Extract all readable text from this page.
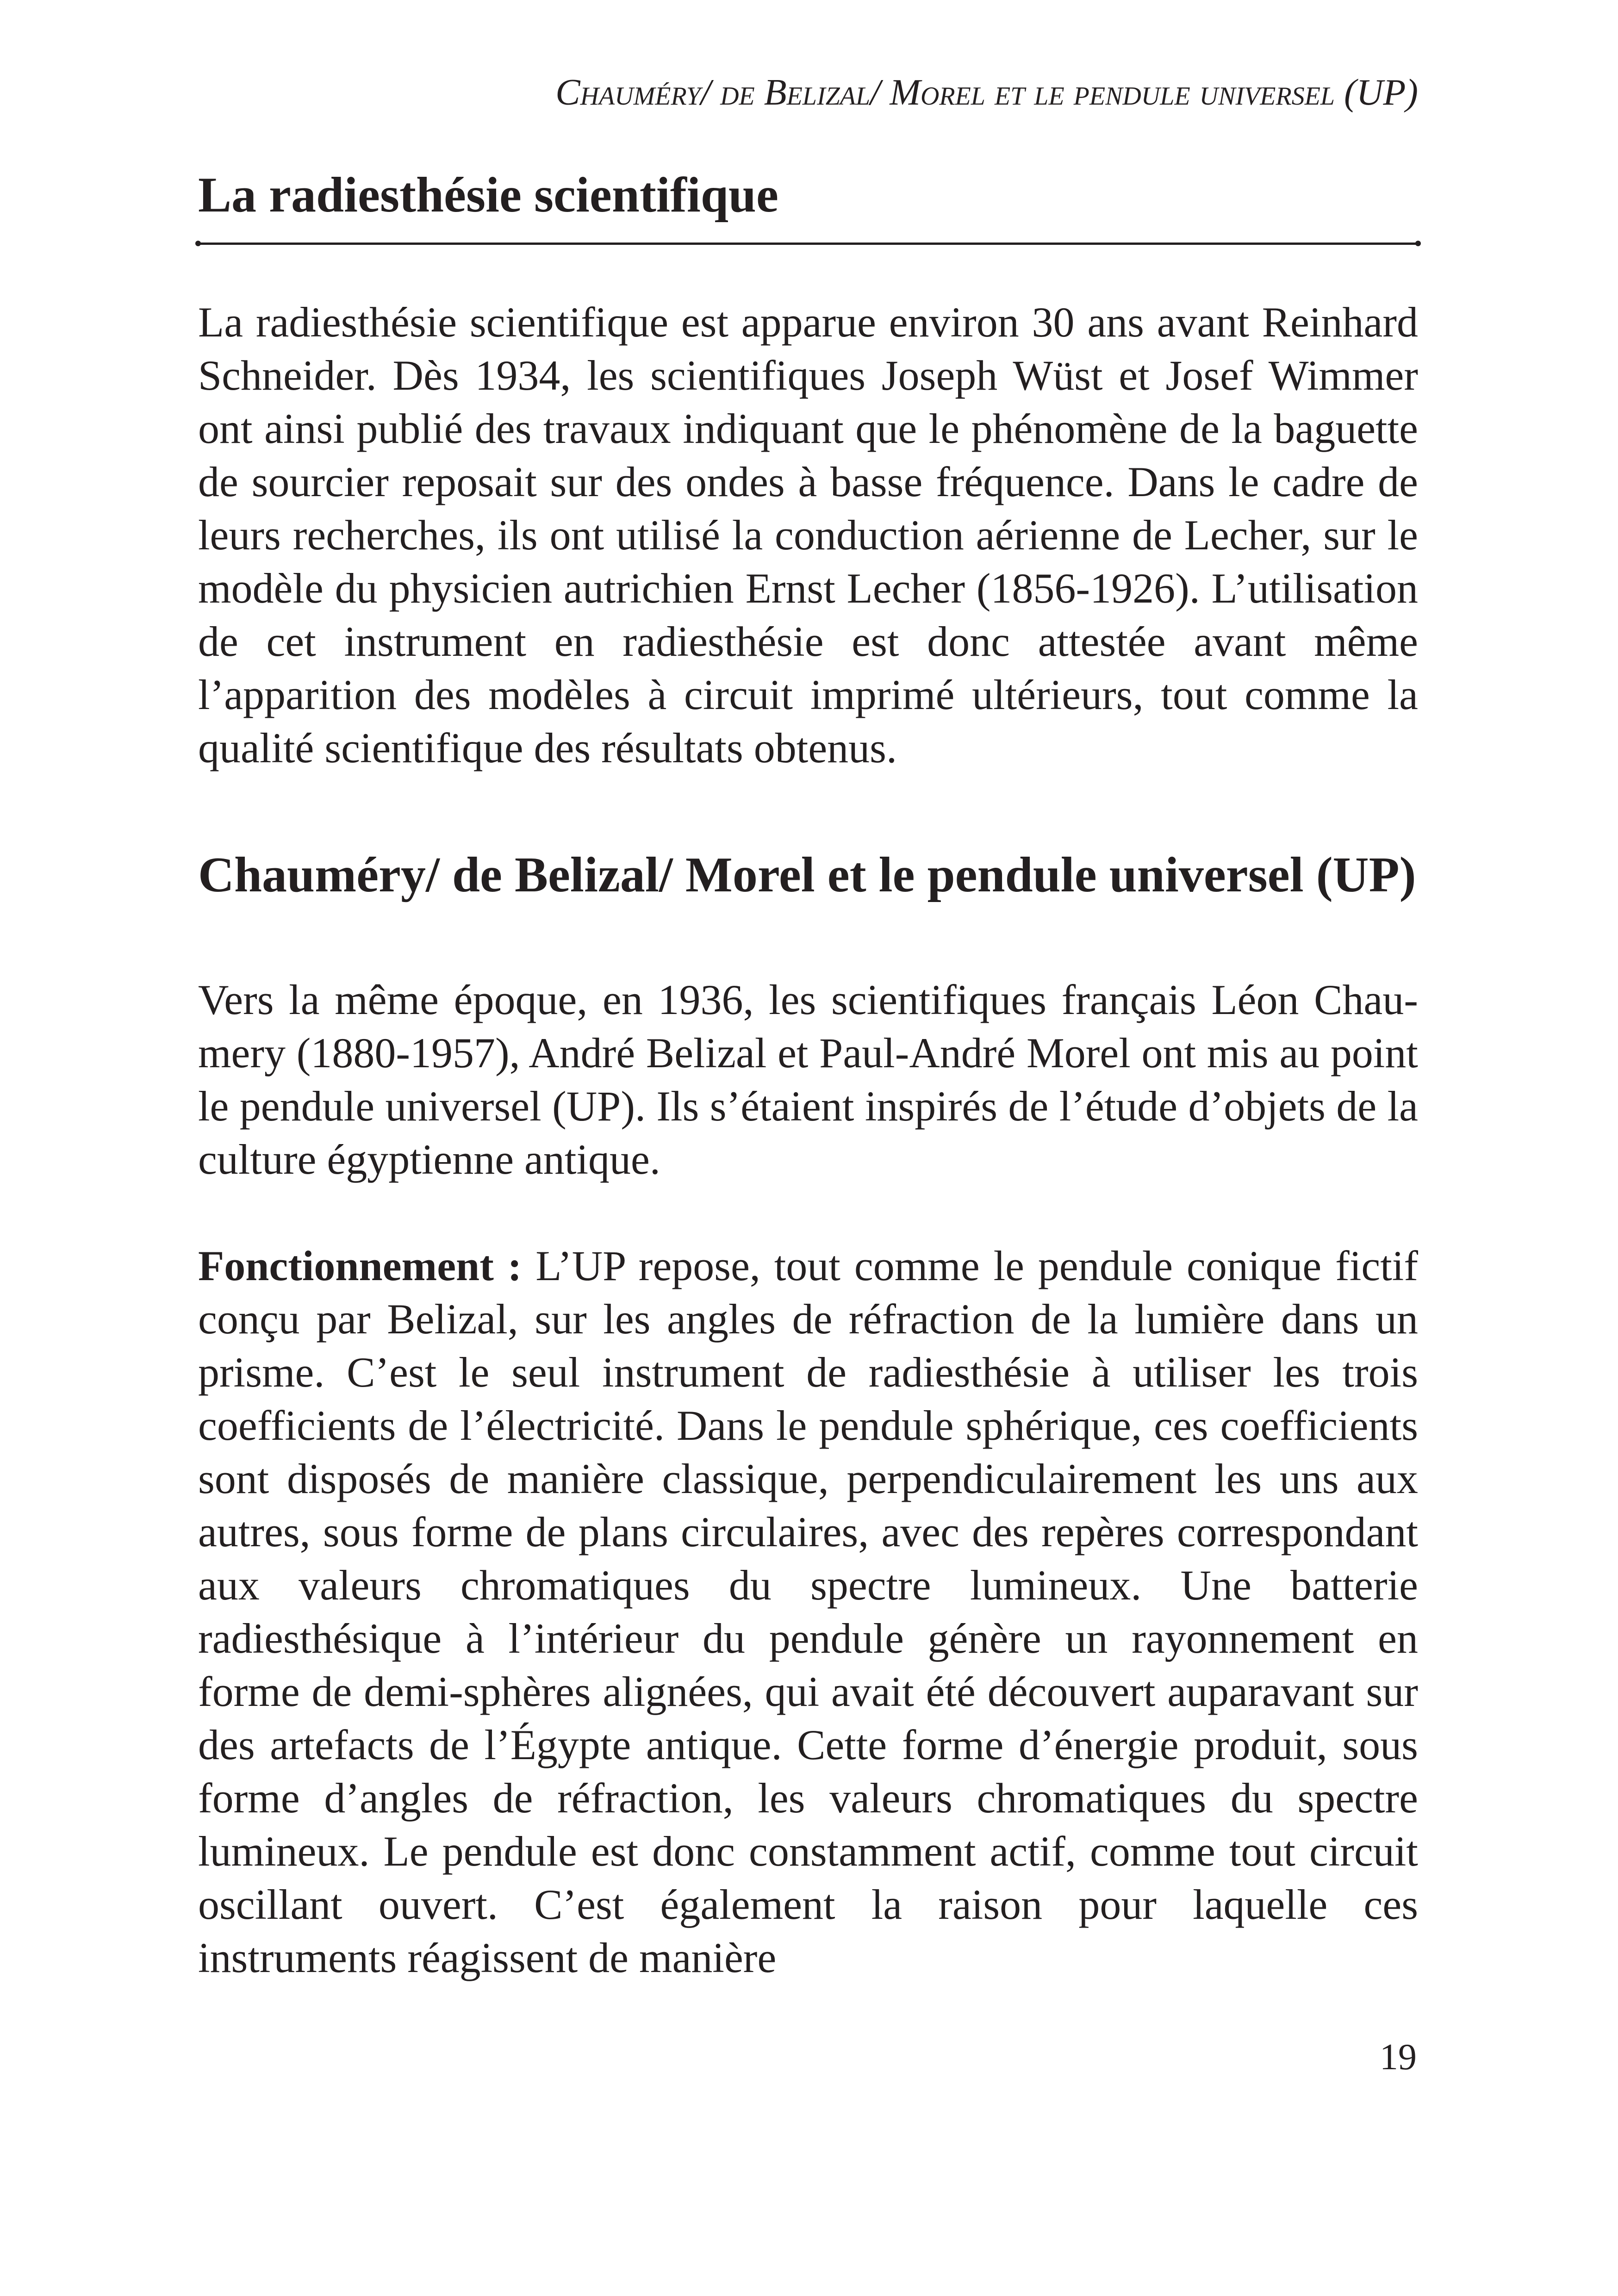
Chauméry/ de Belizal/ Morel et le pendule universel (UP)
La radiesthésie scientifique

La radiesthésie scientifique est apparue environ 30 ans avant Reinhard Schneider. Dès 1934, les scientifiques Joseph Wüst et Josef Wimmer ont ainsi publié des travaux indiquant que le phénomène de la baguette de sourcier reposait sur des ondes à basse fréquence. Dans le cadre de leurs recherches, ils ont utilisé la conduction aérienne de Lecher, sur le modèle du physicien autrichien Ernst Lecher (1856-1926). L’utilisation de cet instrument en radiesthésie est donc attestée avant même l’apparition des modèles à circuit imprimé ultérieurs, tout comme la qualité scientifique des résultats obtenus.

Chauméry/ de Belizal/ Morel et le pendule universel (UP)

Vers la même époque, en 1936, les scientifiques français Léon Chaumery (1880-1957), André Belizal et Paul-André Morel ont mis au point le pendule universel (UP). Ils s’étaient inspirés de l’étude d’objets de la culture égyptienne antique.

Fonctionnement : L’UP repose, tout comme le pendule conique fictif conçu par Belizal, sur les angles de réfraction de la lumière dans un prisme. C’est le seul instrument de radiesthésie à utiliser les trois coefficients de l’électricité. Dans le pendule sphérique, ces coefficients sont disposés de manière classique, perpendiculairement les uns aux autres, sous forme de plans circulaires, avec des repères correspondant aux valeurs chromatiques du spectre lumineux. Une batterie radiesthésique à l’intérieur du pendule génère un rayonnement en forme de demi-sphères alignées, qui avait été découvert auparavant sur des artefacts de l’Égypte antique. Cette forme d’énergie produit, sous forme d’angles de réfraction, les valeurs chromatiques du spectre lumineux. Le pendule est donc constamment actif, comme tout circuit oscillant ouvert. C’est également la raison pour laquelle ces instruments réagissent de manière

19
